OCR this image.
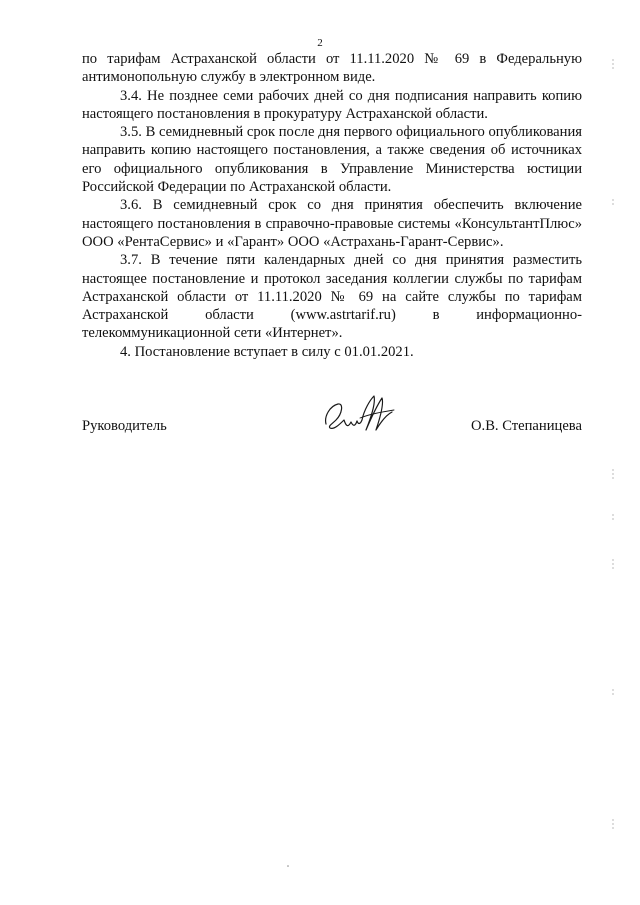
2

по тарифам Астраханской области от 11.11.2020 № 69 в Федеральную антимонопольную службу в электронном виде.

3.4. Не позднее семи рабочих дней со дня подписания направить копию настоящего постановления в прокуратуру Астраханской области.

3.5. В семидневный срок после дня первого официального опубликования направить копию настоящего постановления, а также сведения об источниках его официального опубликования в Управление Министерства юстиции Российской Федерации по Астраханской области.

3.6. В семидневный срок со дня принятия обеспечить включение настоящего постановления в справочно-правовые системы «КонсультантПлюс» ООО «РентаСервис» и «Гарант» ООО «Астрахань-Гарант-Сервис».

3.7. В течение пяти календарных дней со дня принятия разместить настоящее постановление и протокол заседания коллегии службы по тарифам Астраханской области от 11.11.2020 № 69 на сайте службы по тарифам Астраханской области (www.astrtarif.ru) в информационно-телекоммуникационной сети «Интернет».

4. Постановление вступает в силу с 01.01.2021.

Руководитель	О.В. Степаницева
